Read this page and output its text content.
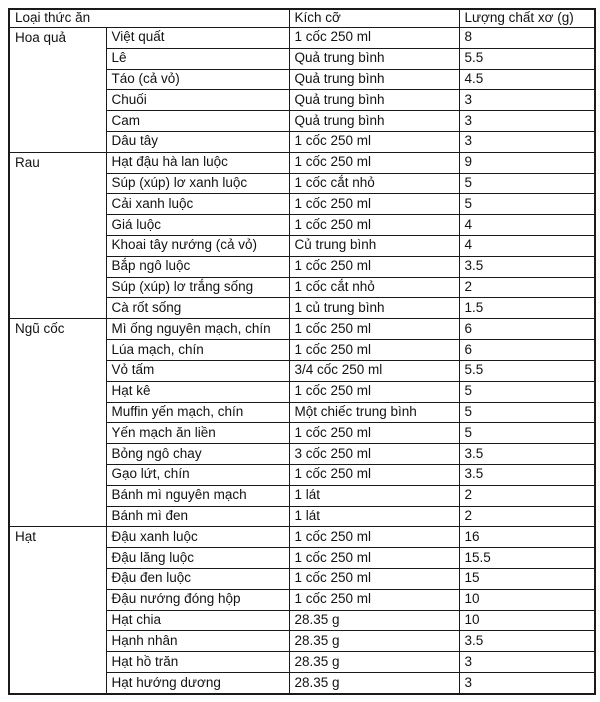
Loại thức ăn		Kích cỡ	Lượng chất xơ (g)
Hoa quả	Việt quất	1 cốc 250 ml	8
	Lê	Quả trung bình	5.5
	Táo (cả vỏ)	Quả trung bình	4.5
	Chuối	Quả trung bình	3
	Cam	Quả trung bình	3
	Dâu tây	1 cốc 250 ml	3
Rau	Hạt đậu hà lan luộc	1 cốc 250 ml	9
	Súp (xúp) lơ xanh luộc	1 cốc cắt nhỏ	5
	Cải xanh luộc	1 cốc 250 ml	5
	Giá luộc	1 cốc 250 ml	4
	Khoai tây nướng (cả vỏ)	Củ trung bình	4
	Bắp ngô luộc	1 cốc 250 ml	3.5
	Súp (xúp) lơ trắng sống	1 cốc cắt nhỏ	2
	Cà rốt sống	1 củ trung bình	1.5
Ngũ cốc	Mì ống nguyên mạch, chín	1 cốc 250 ml	6
	Lúa mạch, chín	1 cốc 250 ml	6
	Vỏ tấm	3/4 cốc 250 ml	5.5
	Hạt kê	1 cốc 250 ml	5
	Muffin yến mạch, chín	Một chiếc trung bình	5
	Yến mạch ăn liền	1 cốc 250 ml	5
	Bỏng ngô chay	3 cốc 250 ml	3.5
	Gạo lứt, chín	1 cốc 250 ml	3.5
	Bánh mì nguyên mạch	1 lát	2
	Bánh mì đen	1 lát	2
Hạt	Đậu xanh luộc	1 cốc 250 ml	16
	Đậu lăng luộc	1 cốc 250 ml	15.5
	Đậu đen luộc	1 cốc 250 ml	15
	Đậu nướng đóng hộp	1 cốc 250 ml	10
	Hạt chia	28.35 g	10
	Hạnh nhân	28.35 g	3.5
	Hạt hồ trăn	28.35 g	3
	Hạt hướng dương	28.35 g	3
